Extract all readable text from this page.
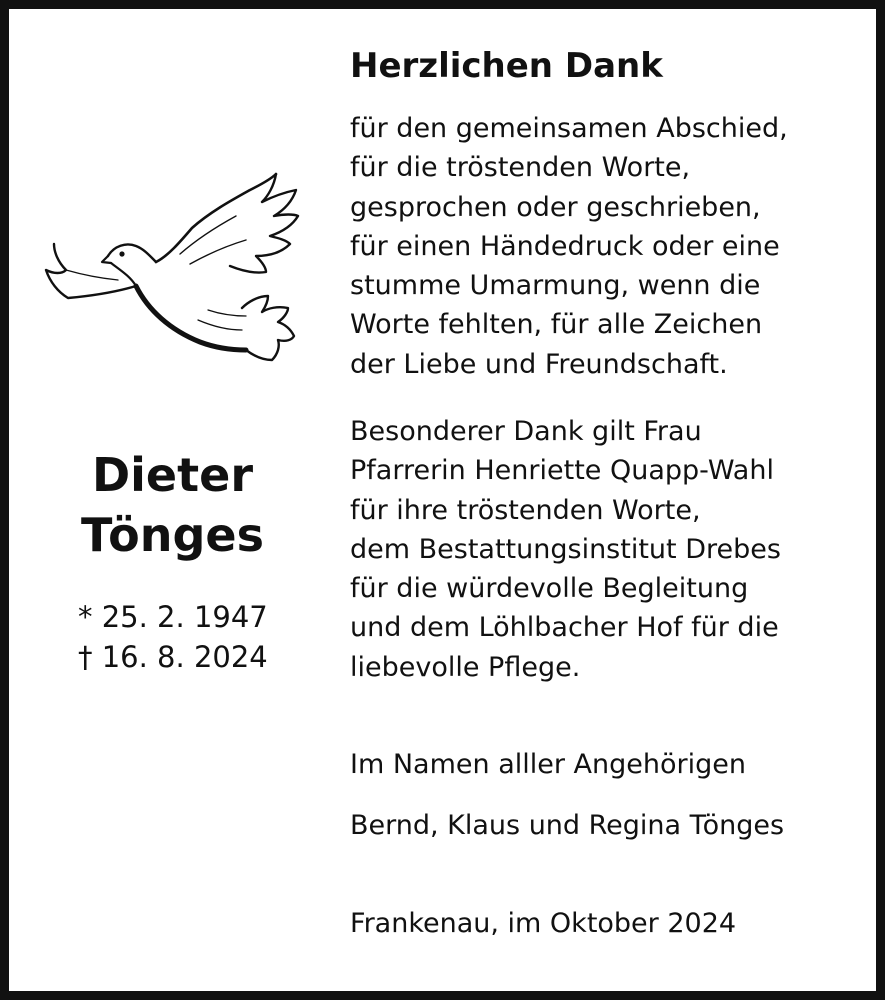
Dieter
Tönges
* 25. 2. 1947
† 16. 8. 2024
Herzlichen Dank
für den gemeinsamen Abschied,
für die tröstenden Worte,
gesprochen oder geschrieben,
für einen Händedruck oder eine
stumme Umarmung, wenn die
Worte fehlten, für alle Zeichen
der Liebe und Freundschaft.
Besonderer Dank gilt Frau
Pfarrerin Henriette Quapp-Wahl
für ihre tröstenden Worte,
dem Bestattungsinstitut Drebes
für die würdevolle Begleitung
und dem Löhlbacher Hof für die
liebevolle Pflege.
Im Namen alller Angehörigen
Bernd, Klaus und Regina Tönges
Frankenau, im Oktober 2024
